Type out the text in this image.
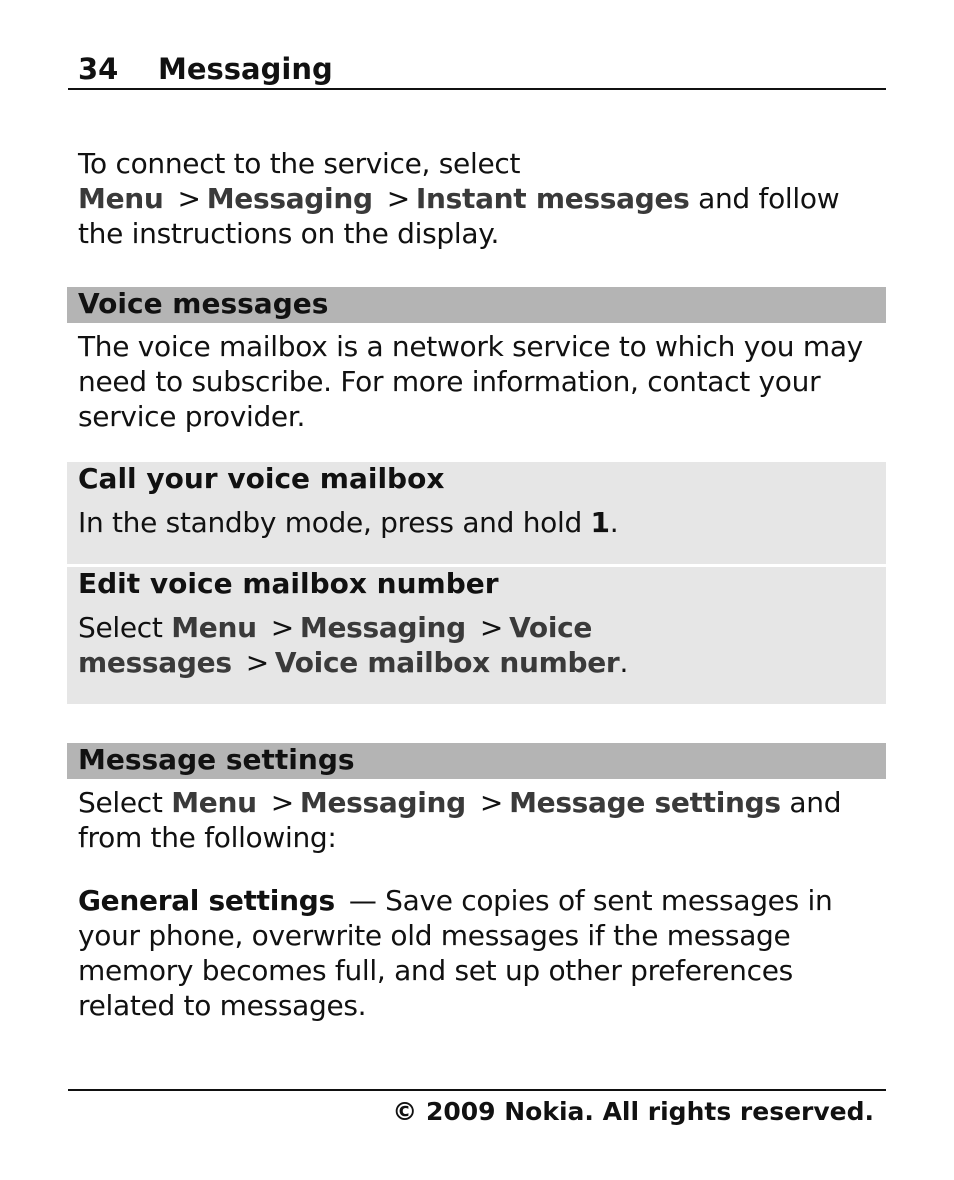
34 Messaging
To connect to the service, select Menu > Messaging > Instant messages and follow the instructions on the display.
Voice messages
The voice mailbox is a network service to which you may need to subscribe. For more information, contact your service provider.
Call your voice mailbox
In the standby mode, press and hold 1.
Edit voice mailbox number
Select Menu > Messaging > Voice messages > Voice mailbox number.
Message settings
Select Menu > Messaging > Message settings and from the following:
General settings — Save copies of sent messages in your phone, overwrite old messages if the message memory becomes full, and set up other preferences related to messages.
© 2009 Nokia. All rights reserved.
